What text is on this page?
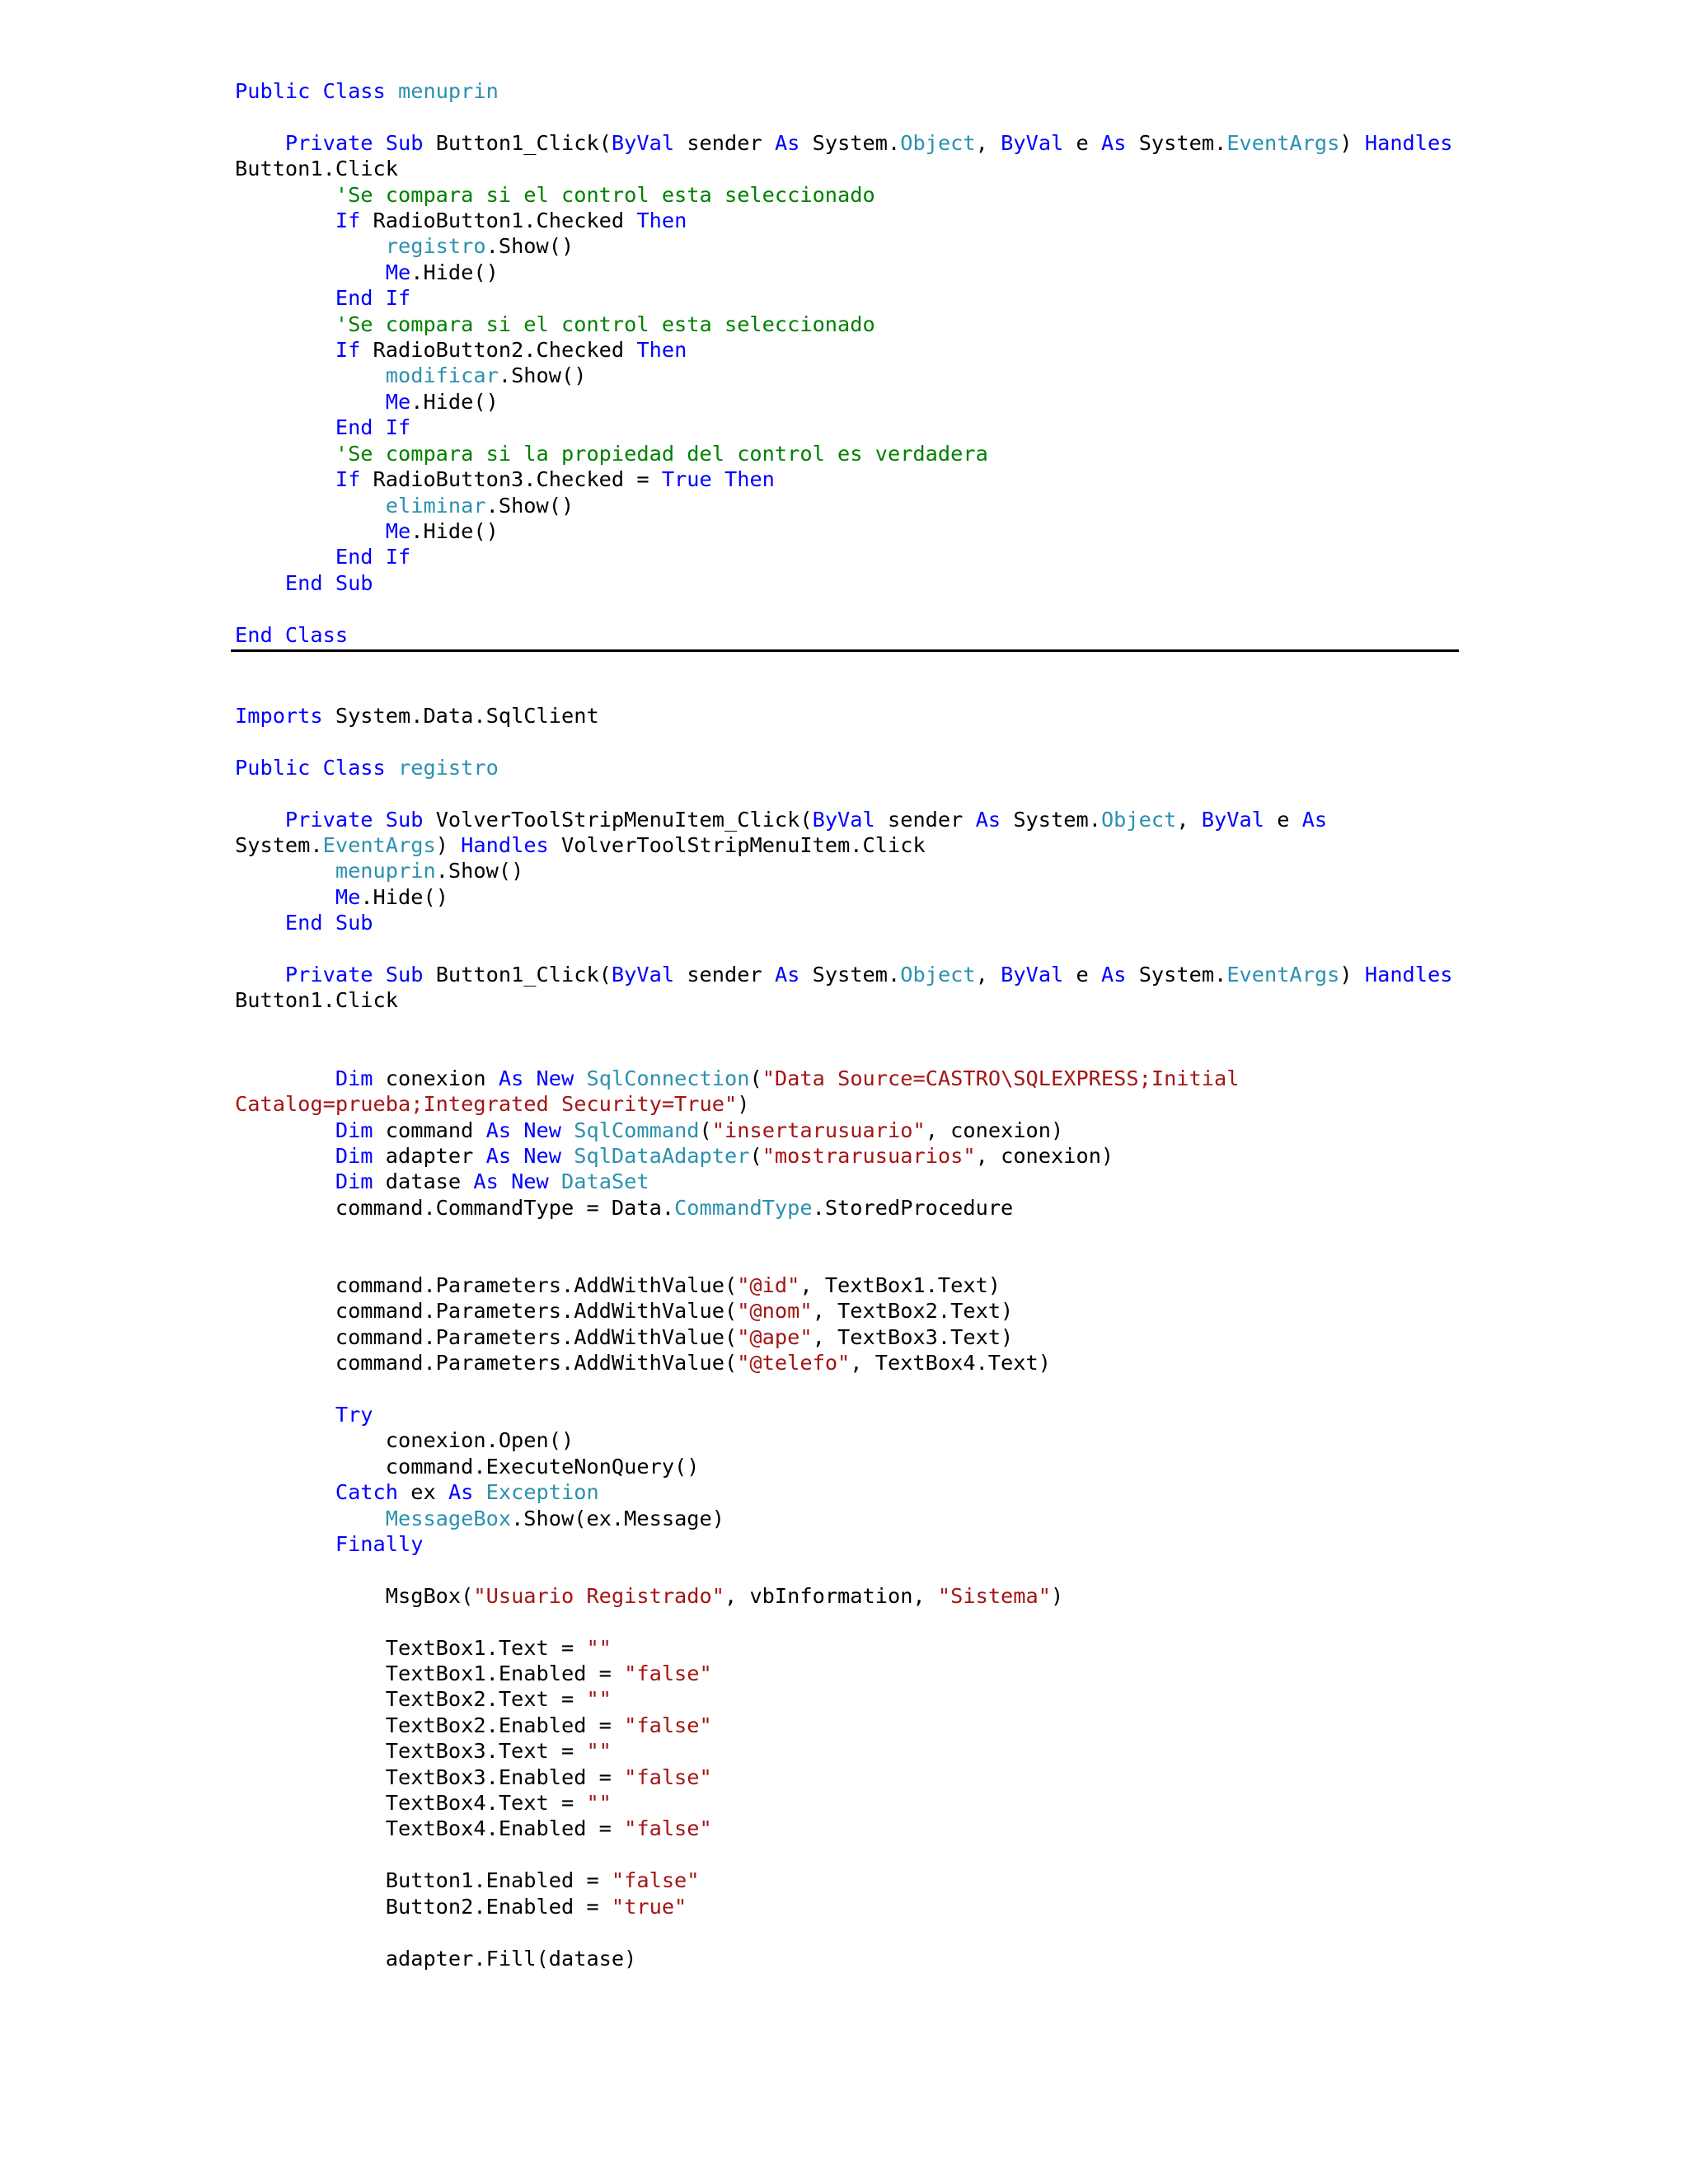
Public Class menuprin

Private Sub Button1_Click(ByVal sender As System.Object, ByVal e As System.EventArgs) Handles
Button1.Click
'Se compara si el control esta seleccionado
If RadioButton1.Checked Then
registro.Show()
Me.Hide()
End If
'Se compara si el control esta seleccionado
If RadioButton2.Checked Then
modificar.Show()
Me.Hide()
End If
'Se compara si la propiedad del control es verdadera
If RadioButton3.Checked = True Then
eliminar.Show()
Me.Hide()
End If
End Sub

End Class

Imports System.Data.SqlClient

Public Class registro

Private Sub VolverToolStripMenuItem_Click(ByVal sender As System.Object, ByVal e As
System.EventArgs) Handles VolverToolStripMenuItem.Click
menuprin.Show()
Me.Hide()
End Sub

Private Sub Button1_Click(ByVal sender As System.Object, ByVal e As System.EventArgs) Handles
Button1.Click

Dim conexion As New SqlConnection("Data Source=CASTRO\SQLEXPRESS;Initial
Catalog=prueba;Integrated Security=True")
Dim command As New SqlCommand("insertarusuario", conexion)
Dim adapter As New SqlDataAdapter("mostrarusuarios", conexion)
Dim datase As New DataSet
command.CommandType = Data.CommandType.StoredProcedure

command.Parameters.AddWithValue("@id", TextBox1.Text)
command.Parameters.AddWithValue("@nom", TextBox2.Text)
command.Parameters.AddWithValue("@ape", TextBox3.Text)
command.Parameters.AddWithValue("@telefo", TextBox4.Text)

Try
conexion.Open()
command.ExecuteNonQuery()
Catch ex As Exception
MessageBox.Show(ex.Message)
Finally

MsgBox("Usuario Registrado", vbInformation, "Sistema")

TextBox1.Text = ""
TextBox1.Enabled = "false"
TextBox2.Text = ""
TextBox2.Enabled = "false"
TextBox3.Text = ""
TextBox3.Enabled = "false"
TextBox4.Text = ""
TextBox4.Enabled = "false"

Button1.Enabled = "false"
Button2.Enabled = "true"

adapter.Fill(datase)
